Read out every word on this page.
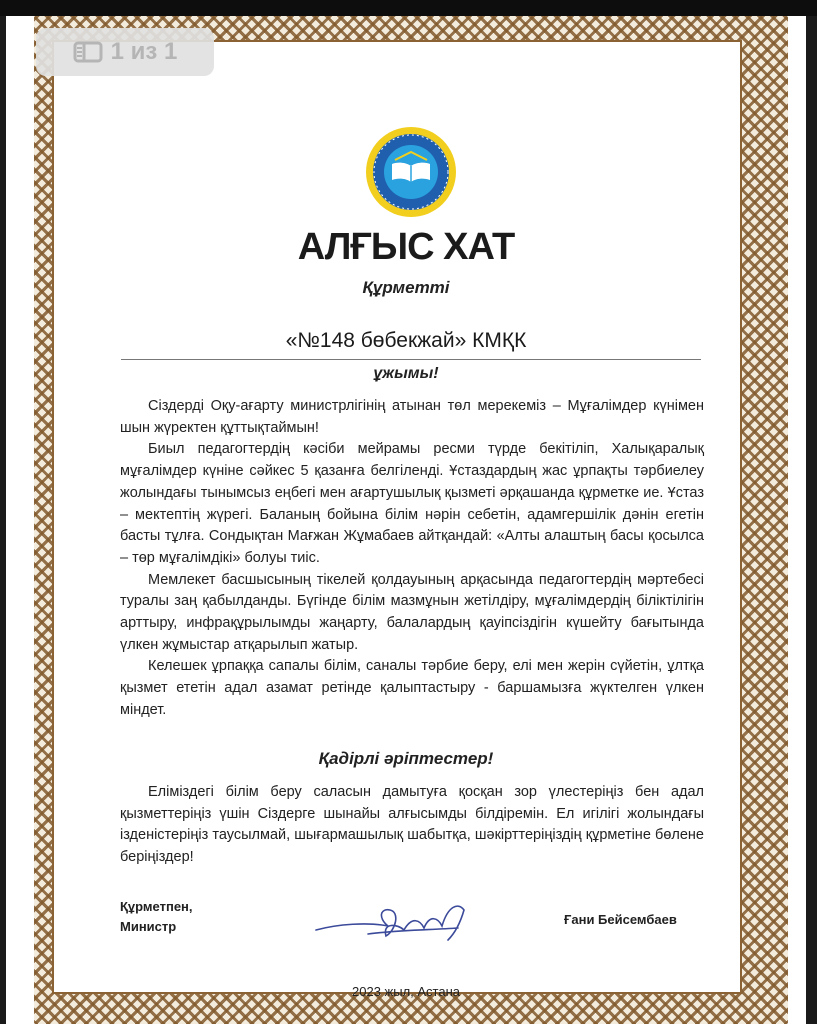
1 из 1
АЛҒЫС ХАТ
Құрметті
«№148 бөбекжай» КМҚК
ұжымы!

Сіздерді Оқу-ағарту министрлігінің атынан төл мерекеміз – Мұғалімдер күнімен шын жүректен құттықтаймын!

Биыл педагогтердің кәсіби мейрамы ресми түрде бекітіліп, Халықаралық мұғалімдер күніне сәйкес 5 қазанға белгіленді. Ұстаздардың жас ұрпақты тәрбиелеу жолындағы тынымсыз еңбегі мен ағартушылық қызметі әрқашанда құрметке ие. Ұстаз – мектептің жүрегі. Баланың бойына білім нәрін себетін, адамгершілік дәнін егетін басты тұлға. Сондықтан Мағжан Жұмабаев айтқандай: «Алты алаштың басы қосылса – төр мұғалімдікі» болуы тиіс.

Мемлекет басшысының тікелей қолдауының арқасында педагогтердің мәртебесі туралы заң қабылданды. Бүгінде білім мазмұнын жетілдіру, мұғалімдердің біліктілігін арттыру, инфрақұрылымды жаңарту, балалардың қауіпсіздігін күшейту бағытында үлкен жұмыстар атқарылып жатыр.

Келешек ұрпаққа сапалы білім, саналы тәрбие беру, елі мен жерін сүйетін, ұлтқа қызмет ететін адал азамат ретінде қалыптастыру - баршамызға жүктелген үлкен міндет.

Қадірлі әріптестер!

Еліміздегі білім беру саласын дамытуға қосқан зор үлестеріңіз бен адал қызметтеріңіз үшін Сіздерге шынайы алғысымды білдіремін. Ел игілігі жолындағы ізденістеріңіз таусылмай, шығармашылық шабытқа, шәкірттеріңіздің құрметіне бөлене беріңіздер!

Құрметпен,
Министр	Ғани Бейсембаев
2023 жыл, Астана
